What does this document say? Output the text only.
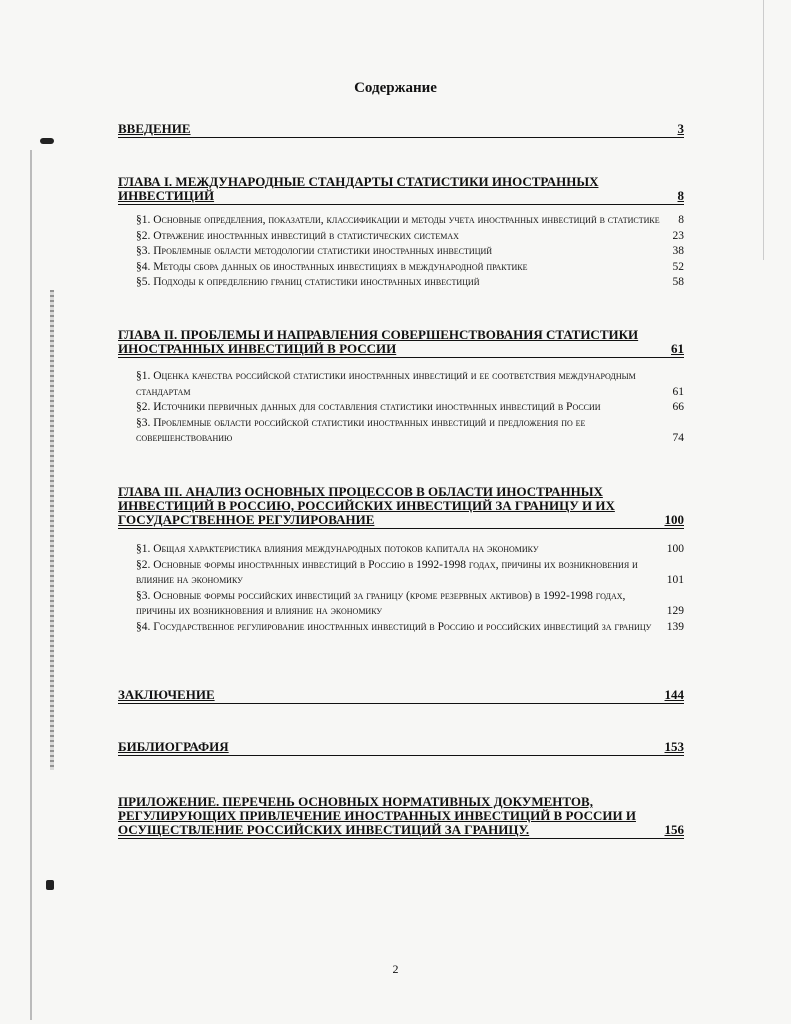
Содержание
ВВЕДЕНИЕ	3
ГЛАВА I. МЕЖДУНАРОДНЫЕ СТАНДАРТЫ СТАТИСТИКИ ИНОСТРАННЫХ ИНВЕСТИЦИЙ	8
§1. Основные определения, показатели, классификации и методы учета иностранных инвестиций в статистике	8
§2. Отражение иностранных инвестиций в статистических системах	23
§3. Проблемные области методологии статистики иностранных инвестиций	38
§4. Методы сбора данных об иностранных инвестициях в международной практике	52
§5. Подходы к определению границ статистики иностранных инвестиций	58
ГЛАВА II. ПРОБЛЕМЫ И НАПРАВЛЕНИЯ СОВЕРШЕНСТВОВАНИЯ СТАТИСТИКИ ИНОСТРАННЫХ ИНВЕСТИЦИЙ В РОССИИ	61
§1. Оценка качества российской статистики иностранных инвестиций и ее соответствия международным стандартам	61
§2. Источники первичных данных для составления статистики иностранных инвестиций в России	66
§3. Проблемные области российской статистики иностранных инвестиций и предложения по ее совершенствованию	74
ГЛАВА III. АНАЛИЗ ОСНОВНЫХ ПРОЦЕССОВ В ОБЛАСТИ ИНОСТРАННЫХ ИНВЕСТИЦИЙ В РОССИЮ, РОССИЙСКИХ ИНВЕСТИЦИЙ ЗА ГРАНИЦУ И ИХ ГОСУДАРСТВЕННОЕ РЕГУЛИРОВАНИЕ	100
§1. Общая характеристика влияния международных потоков капитала на экономику	100
§2. Основные формы иностранных инвестиций в Россию в 1992-1998 годах, причины их возникновения и влияние на экономику	101
§3. Основные формы российских инвестиций за границу (кроме резервных активов) в 1992-1998 годах, причины их возникновения и влияние на экономику	129
§4. Государственное регулирование иностранных инвестиций в Россию и российских инвестиций за границу	139
ЗАКЛЮЧЕНИЕ	144
БИБЛИОГРАФИЯ	153
ПРИЛОЖЕНИЕ. ПЕРЕЧЕНЬ ОСНОВНЫХ НОРМАТИВНЫХ ДОКУМЕНТОВ, РЕГУЛИРУЮЩИХ ПРИВЛЕЧЕНИЕ ИНОСТРАННЫХ ИНВЕСТИЦИЙ В РОССИИ И ОСУЩЕСТВЛЕНИЕ РОССИЙСКИХ ИНВЕСТИЦИЙ ЗА ГРАНИЦУ.	156
2
